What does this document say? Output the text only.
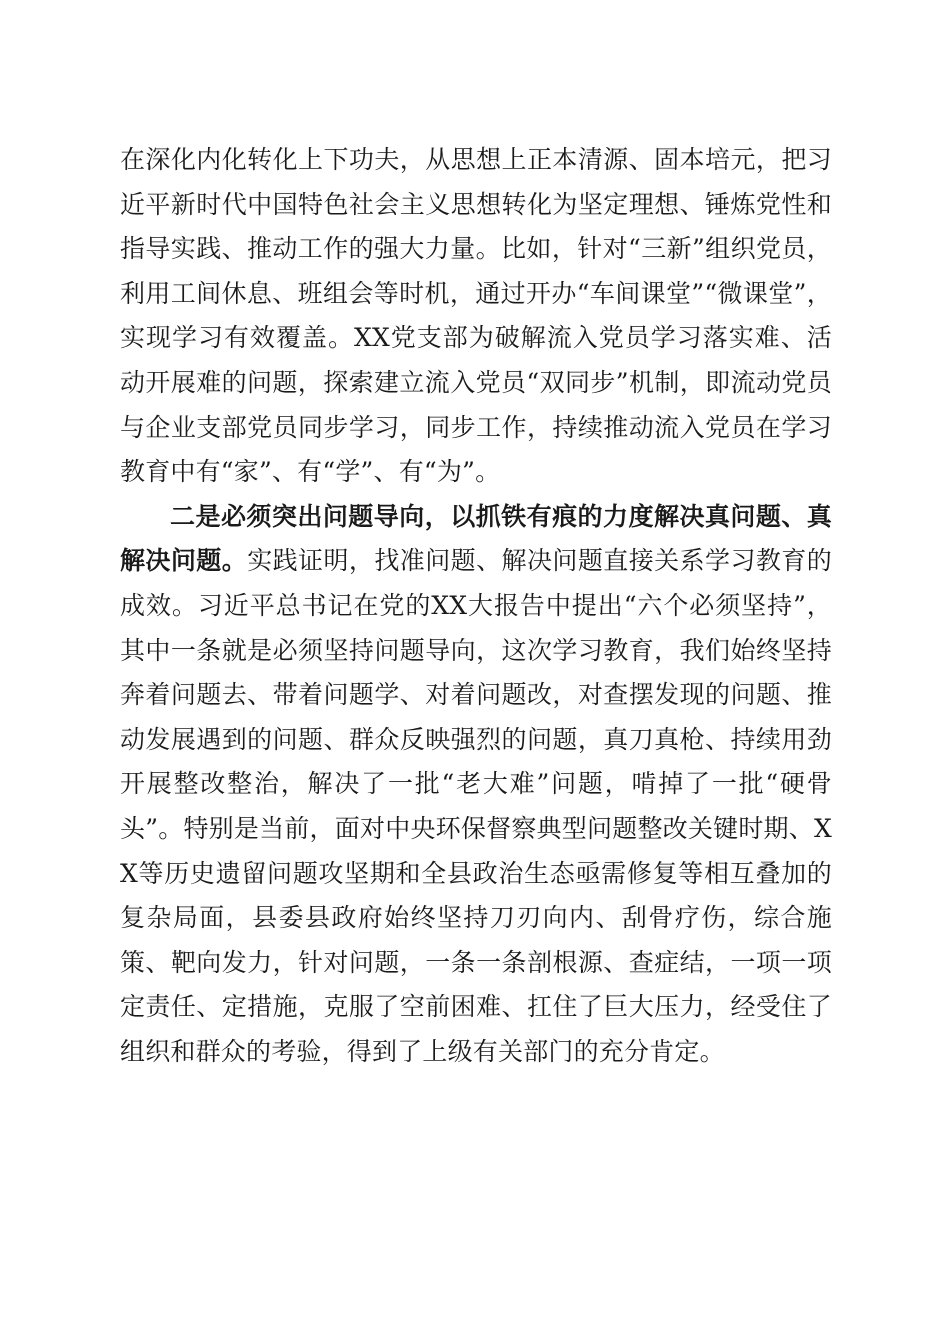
在深化内化转化上下功夫，从思想上正本清源、固本培元，把习近平新时代中国特色社会主义思想转化为坚定理想、锤炼党性和指导实践、推动工作的强大力量。比如，针对“三新”组织党员，利用工间休息、班组会等时机，通过开办“车间课堂”“微课堂”，实现学习有效覆盖。XX党支部为破解流入党员学习落实难、活动开展难的问题，探索建立流入党员“双同步”机制，即流动党员与企业支部党员同步学习，同步工作，持续推动流入党员在学习教育中有“家”、有“学”、有“为”。

二是必须突出问题导向，以抓铁有痕的力度解决真问题、真解决问题。实践证明，找准问题、解决问题直接关系学习教育的成效。习近平总书记在党的XX大报告中提出“六个必须坚持”，其中一条就是必须坚持问题导向，这次学习教育，我们始终坚持奔着问题去、带着问题学、对着问题改，对查摆发现的问题、推动发展遇到的问题、群众反映强烈的问题，真刀真枪、持续用劲开展整改整治，解决了一批“老大难”问题，啃掉了一批“硬骨头”。特别是当前，面对中央环保督察典型问题整改关键时期、XX等历史遗留问题攻坚期和全县政治生态亟需修复等相互叠加的复杂局面，县委县政府始终坚持刀刃向内、刮骨疗伤，综合施策、靶向发力，针对问题，一条一条剖根源、查症结，一项一项定责任、定措施，克服了空前困难、扛住了巨大压力，经受住了组织和群众的考验，得到了上级有关部门的充分肯定。
